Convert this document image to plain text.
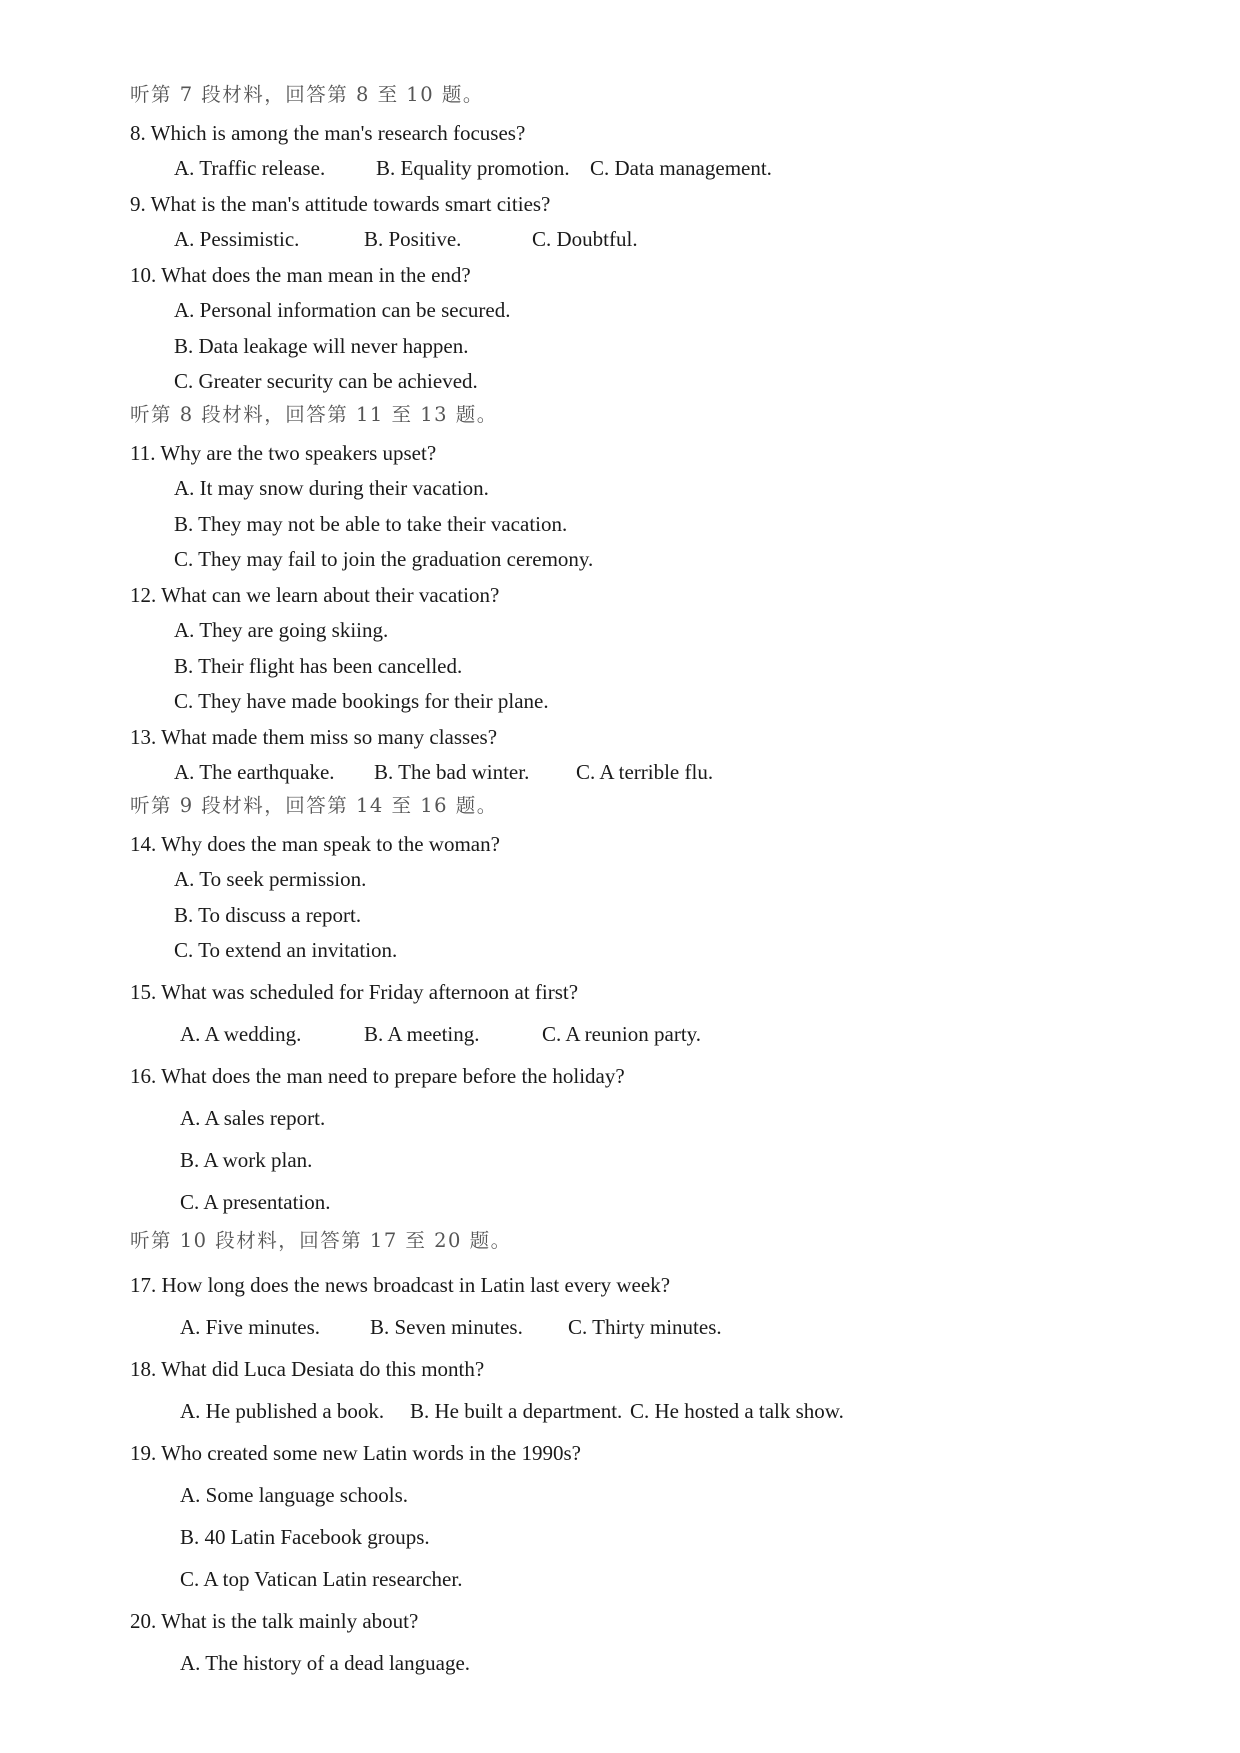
听第 7 段材料，回答第 8 至 10 题。
8. Which is among the man's research focuses?
A. Traffic release. B. Equality promotion. C. Data management.
9. What is the man's attitude towards smart cities?
A. Pessimistic.	B. Positive.	C. Doubtful.
10. What does the man mean in the end?
A. Personal information can be secured.
B. Data leakage will never happen.
C. Greater security can be achieved.
听第 8 段材料，回答第 11 至 13 题。
11. Why are the two speakers upset?
A. It may snow during their vacation.
B. They may not be able to take their vacation.
C. They may fail to join the graduation ceremony.
12. What can we learn about their vacation?
A. They are going skiing.
B. Their flight has been cancelled.
C. They have made bookings for their plane.
13. What made them miss so many classes?
A. The earthquake. B. The bad winter. C. A terrible flu.
听第 9 段材料，回答第 14 至 16 题。
14. Why does the man speak to the woman?
A. To seek permission.
B. To discuss a report.
C. To extend an invitation.
15. What was scheduled for Friday afternoon at first?
A. A wedding.	B. A meeting.	C. A reunion party.
16. What does the man need to prepare before the holiday?
A. A sales report.
B. A work plan.
C. A presentation.
听第 10 段材料，回答第 17 至 20 题。
17. How long does the news broadcast in Latin last every week?
A. Five minutes. B. Seven minutes. C. Thirty minutes.
18. What did Luca Desiata do this month?
A. He published a book. B. He built a department. C. He hosted a talk show.
19. Who created some new Latin words in the 1990s?
A. Some language schools.
B. 40 Latin Facebook groups.
C. A top Vatican Latin researcher.
20. What is the talk mainly about?
A. The history of a dead language.
